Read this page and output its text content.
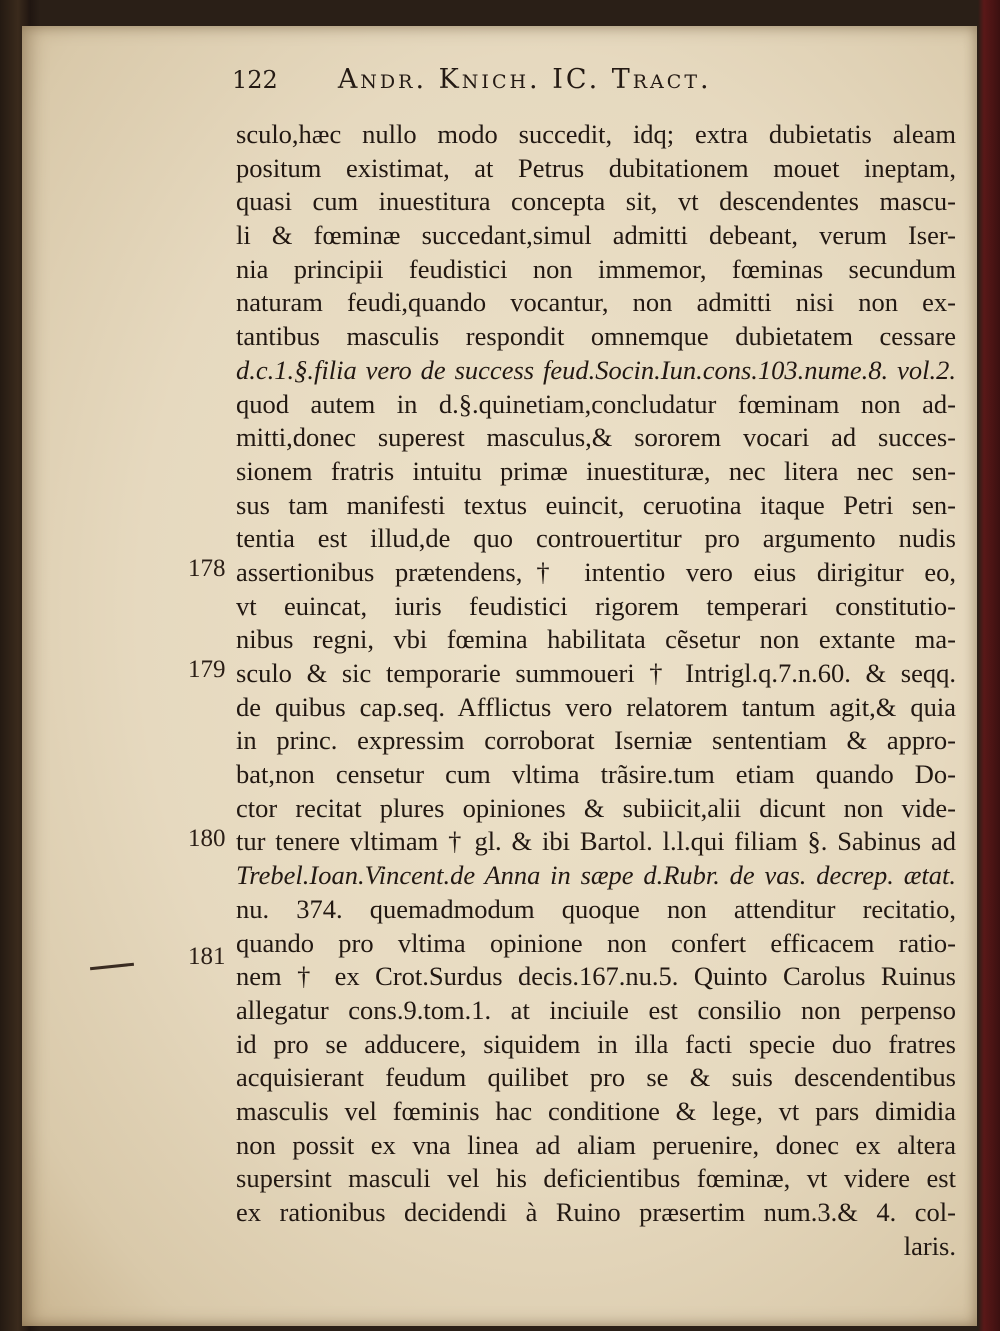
122 Andr. Knich. IC. Tract.
sculo,hæc nullo modo succedit, idq; extra dubietatis aleam
positum existimat, at Petrus dubitationem mouet ineptam,
quasi cum inuestitura concepta sit, vt descendentes mascu-
li & fœminæ succedant,simul admitti debeant, verum Iser-
nia principii feudistici non immemor, fœminas secundum
naturam feudi,quando vocantur, non admitti nisi non ex-
tantibus masculis respondit omnemque dubietatem cessare
d.c.1.§.filia vero de success feud.Socin.Iun.cons.103.nume.8. vol.2.
quod autem in d.§.quinetiam,concludatur fœminam non ad-
mitti,donec superest masculus,& sororem vocari ad succes-
sionem fratris intuitu primæ inuestituræ, nec litera nec sen-
sus tam manifesti textus euincit, ceruotina itaque Petri sen-
tentia est illud,de quo controuertitur pro argumento nudis
assertionibus prætendens,† intentio vero eius dirigitur eo,
vt euincat, iuris feudistici rigorem temperari constitutio-
nibus regni, vbi fœmina habilitata cẽsetur non extante ma-
sculo & sic temporarie summoueri † Intrigl.q.7.n.60. & seqq.
de quibus cap.seq. Afflictus vero relatorem tantum agit,& quia
in princ. expressim corroborat Iserniæ sententiam & appro-
bat,non censetur cum vltima trãsire.tum etiam quando Do-
ctor recitat plures opiniones & subiicit,alii dicunt non vide-
tur tenere vltimam † gl. & ibi Bartol. l.l.qui filiam §. Sabinus ad
Trebel.Ioan.Vincent.de Anna in sæpe d.Rubr. de vas. decrep. ætat.
nu. 374. quemadmodum quoque non attenditur recitatio,
quando pro vltima opinione non confert efficacem ratio-
nem † ex Crot.Surdus decis.167.nu.5. Quinto Carolus Ruinus
allegatur cons.9.tom.1. at inciuile est consilio non perpenso
id pro se adducere, siquidem in illa facti specie duo fratres
acquisierant feudum quilibet pro se & suis descendentibus
masculis vel fœminis hac conditione & lege, vt pars dimidia
non possit ex vna linea ad aliam peruenire, donec ex altera
supersint masculi vel his deficientibus fœminæ, vt videre est
ex rationibus decidendi à Ruino præsertim num.3.& 4. col-
laris.
178
179
180
181
